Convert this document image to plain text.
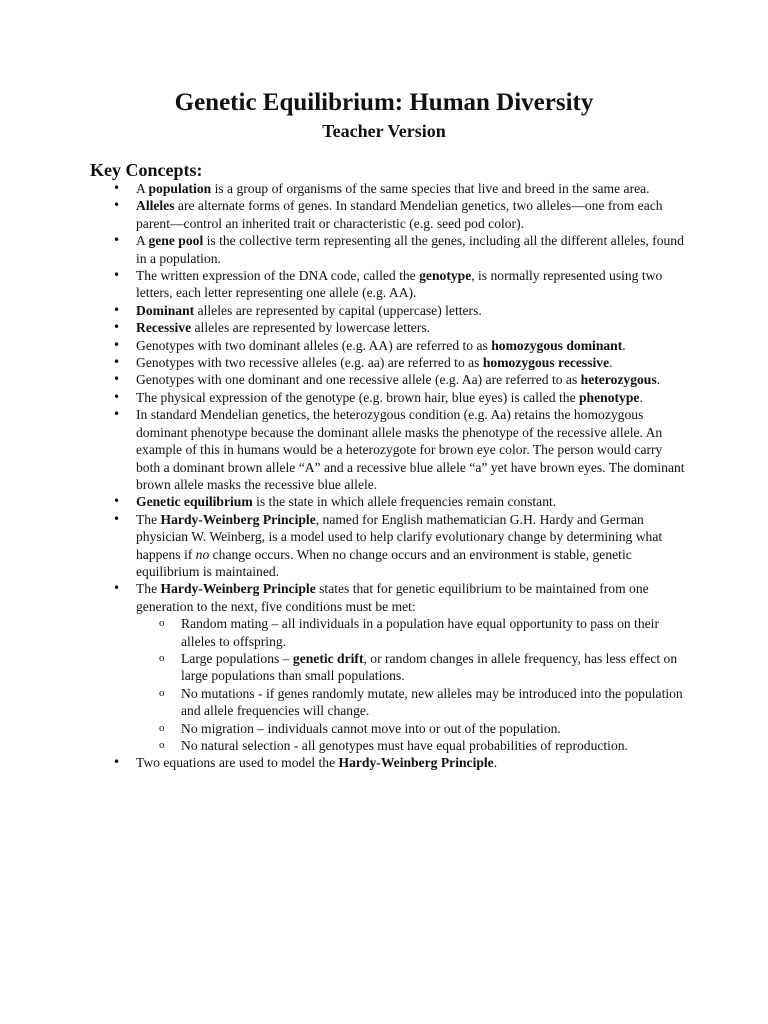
Genetic Equilibrium: Human Diversity
Teacher Version
Key Concepts:
• A population is a group of organisms of the same species that live and breed in the same area.
• Alleles are alternate forms of genes. In standard Mendelian genetics, two alleles—one from each parent—control an inherited trait or characteristic (e.g. seed pod color).
• A gene pool is the collective term representing all the genes, including all the different alleles, found in a population.
• The written expression of the DNA code, called the genotype, is normally represented using two letters, each letter representing one allele (e.g. AA).
• Dominant alleles are represented by capital (uppercase) letters.
• Recessive alleles are represented by lowercase letters.
• Genotypes with two dominant alleles (e.g. AA) are referred to as homozygous dominant.
• Genotypes with two recessive alleles (e.g. aa) are referred to as homozygous recessive.
• Genotypes with one dominant and one recessive allele (e.g. Aa) are referred to as heterozygous.
• The physical expression of the genotype (e.g. brown hair, blue eyes) is called the phenotype.
• In standard Mendelian genetics, the heterozygous condition (e.g. Aa) retains the homozygous dominant phenotype because the dominant allele masks the phenotype of the recessive allele. An example of this in humans would be a heterozygote for brown eye color. The person would carry both a dominant brown allele “A” and a recessive blue allele “a” yet have brown eyes. The dominant brown allele masks the recessive blue allele.
• Genetic equilibrium is the state in which allele frequencies remain constant.
• The Hardy-Weinberg Principle, named for English mathematician G.H. Hardy and German physician W. Weinberg, is a model used to help clarify evolutionary change by determining what happens if no change occurs. When no change occurs and an environment is stable, genetic equilibrium is maintained.
• The Hardy-Weinberg Principle states that for genetic equilibrium to be maintained from one generation to the next, five conditions must be met:
o Random mating – all individuals in a population have equal opportunity to pass on their alleles to offspring.
o Large populations – genetic drift, or random changes in allele frequency, has less effect on large populations than small populations.
o No mutations - if genes randomly mutate, new alleles may be introduced into the population and allele frequencies will change.
o No migration – individuals cannot move into or out of the population.
o No natural selection - all genotypes must have equal probabilities of reproduction.
• Two equations are used to model the Hardy-Weinberg Principle.
